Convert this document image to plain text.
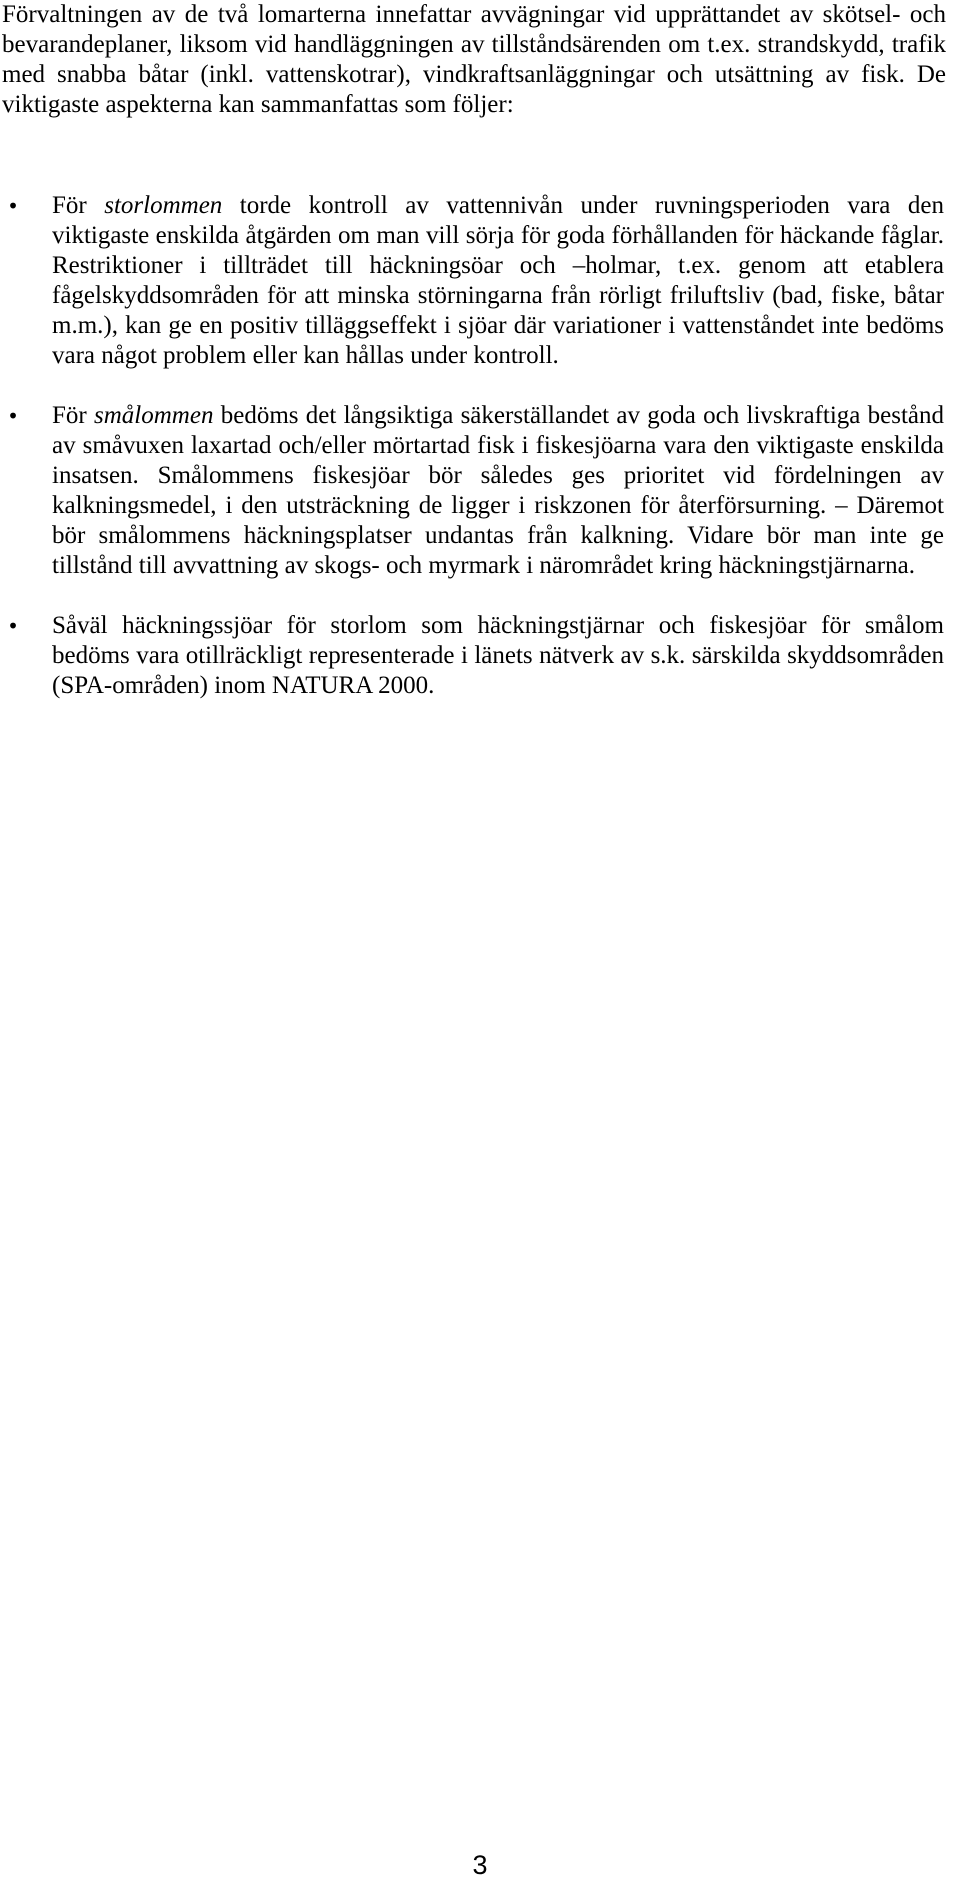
Förvaltningen av de två lomarterna innefattar avvägningar vid upprättandet av skötsel- och bevarandeplaner, liksom vid handläggningen av tillståndsärenden om t.ex. strandskydd, trafik med snabba båtar (inkl. vattenskotrar), vindkraftsanläggningar och utsättning av fisk. De viktigaste aspekterna kan sammanfattas som följer:

• För storlommen torde kontroll av vattennivån under ruvningsperioden vara den viktigaste enskilda åtgärden om man vill sörja för goda förhållanden för häckande fåglar. Restriktioner i tillträdet till häckningsöar och –holmar, t.ex. genom att etablera fågelskyddsområden för att minska störningarna från rörligt friluftsliv (bad, fiske, båtar m.m.), kan ge en positiv tilläggseffekt i sjöar där variationer i vattenståndet inte bedöms vara något problem eller kan hållas under kontroll.
• För smålommen bedöms det långsiktiga säkerställandet av goda och livskraftiga bestånd av småvuxen laxartad och/eller mörtartad fisk i fiskesjöarna vara den viktigaste enskilda insatsen. Smålommens fiskesjöar bör således ges prioritet vid fördelningen av kalkningsmedel, i den utsträckning de ligger i riskzonen för återförsurning. – Däremot bör smålommens häckningsplatser undantas från kalkning. Vidare bör man inte ge tillstånd till avvattning av skogs- och myrmark i närområdet kring häckningstjärnarna.
• Såväl häckningssjöar för storlom som häckningstjärnar och fiskesjöar för smålom bedöms vara otillräckligt representerade i länets nätverk av s.k. särskilda skyddsområden (SPA-områden) inom NATURA 2000.
3
